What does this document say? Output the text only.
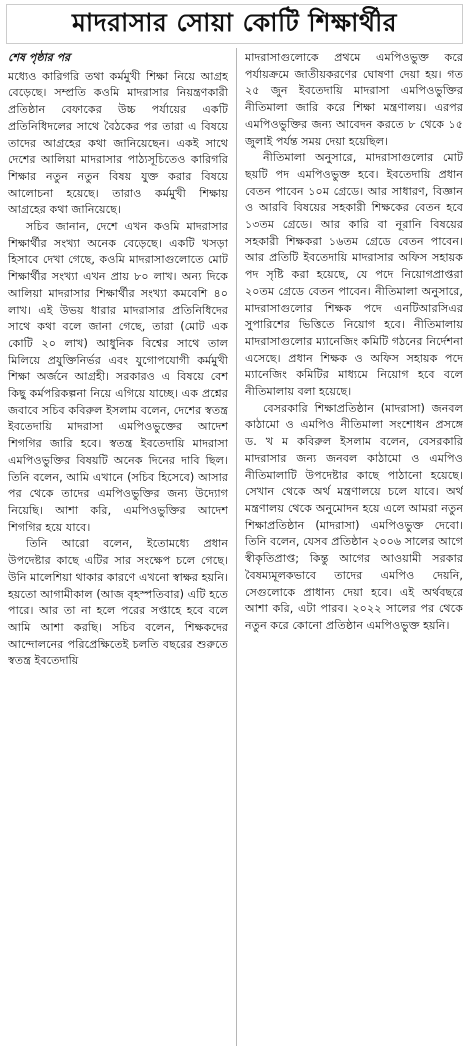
মাদরাসার সোয়া কোটি শিক্ষার্থীর
শেষ পৃষ্ঠার পর

মধ্যেও কারিগরি তথা কর্মমুখী শিক্ষা নিয়ে আগ্রহ বেড়েছে। সম্প্রতি কওমি মাদরাসার নিয়ন্ত্রণকারী প্রতিষ্ঠান বেফাকের উচ্চ পর্যায়ের একটি প্রতিনিধিদলের সাথে বৈঠকের পর তারা এ বিষয়ে তাদের আগ্রহের কথা জানিয়েছেন। একই সাথে দেশের আলিয়া মাদরাসার পাঠ্যসূচিতেও কারিগরি শিক্ষার নতুন নতুন বিষয় যুক্ত করার বিষয়ে আলোচনা হয়েছে। তারাও কর্মমুখী শিক্ষায় আগ্রহের কথা জানিয়েছে।

সচিব জানান, দেশে এখন কওমি মাদরাসার শিক্ষার্থীর সংখ্যা অনেক বেড়েছে। একটি খসড়া হিসাবে দেখা গেছে, কওমি মাদরাসাগুলোতে মোট শিক্ষার্থীর সংখ্যা এখন প্রায় ৮০ লাখ। অন্য দিকে আলিয়া মাদরাসার শিক্ষার্থীর সংখ্যা কমবেশি ৪০ লাখ। এই উভয় ধারার মাদরাসার প্রতিনিধিদের সাথে কথা বলে জানা গেছে, তারা (মোট এক কোটি ২০ লাখ) আধুনিক বিশ্বের সাথে তাল মিলিয়ে প্রযুক্তিনির্ভর এবং যুগোপযোগী কর্মমুখী শিক্ষা অর্জনে আগ্রহী। সরকারও এ বিষয়ে বেশ কিছু কর্মপরিকল্পনা নিয়ে এগিয়ে যাচ্ছে। এক প্রশ্নের জবাবে সচিব কবিরুল ইসলাম বলেন, দেশের স্বতন্ত্র ইবতেদায়ি মাদরাসা এমপিওভুক্তের আদেশ শিগগির জারি হবে। স্বতন্ত্র ইবতেদায়ি মাদরাসা এমপিওভুক্তির বিষয়টি অনেক দিনের দাবি ছিল। তিনি বলেন, আমি এখানে (সচিব হিসেবে) আসার পর থেকে তাদের এমপিওভুক্তির জন্য উদ্যোগ নিয়েছি। আশা করি, এমপিওভুক্তির আদেশ শিগগির হয়ে যাবে।

তিনি আরো বলেন, ইতোমধ্যে প্রধান উপদেষ্টার কাছে এটির সার সংক্ষেপ চলে গেছে। উনি মালেশিয়া থাকার কারণে এখনো স্বাক্ষর হয়নি। হয়তো আগামীকাল (আজ বৃহস্পতিবার) এটি হতে পারে। আর তা না হলে পরের সপ্তাহে হবে বলে আমি আশা করছি। সচিব বলেন, শিক্ষকদের আন্দোলনের পরিপ্রেক্ষিতেই চলতি বছরের শুরুতে স্বতন্ত্র ইবতেদায়ি

মাদরাসাগুলোকে প্রথমে এমপিওভুক্ত করে পর্যায়ক্রমে জাতীয়করণের ঘোষণা দেয়া হয়। গত ২৫ জুন ইবতেদায়ি মাদরাসা এমপিওভুক্তির নীতিমালা জারি করে শিক্ষা মন্ত্রণালয়। এরপর এমপিওভুক্তির জন্য আবেদন করতে ৮ থেকে ১৫ জুলাই পর্যন্ত সময় দেয়া হয়েছিল।

নীতিমালা অনুসারে, মাদরাসাগুলোর মোট ছয়টি পদ এমপিওভুক্ত হবে। ইবতেদায়ি প্রধান বেতন পাবেন ১০ম গ্রেডে। আর সাধারণ, বিজ্ঞান ও আরবি বিষয়ের সহকারী শিক্ষকের বেতন হবে ১৩তম গ্রেডে। আর কারি বা নূরানি বিষয়ের সহকারী শিক্ষকরা ১৬তম গ্রেডে বেতন পাবেন। আর প্রতিটি ইবতেদায়ি মাদরাসার অফিস সহায়ক পদ সৃষ্টি করা হয়েছে, যে পদে নিয়োগপ্রাপ্তরা ২০তম গ্রেডে বেতন পাবেন। নীতিমালা অনুসারে, মাদরাসাগুলোর শিক্ষক পদে এনটিআরসিএর সুপারিশের ভিত্তিতে নিয়োগ হবে। নীতিমালায় মাদরাসাগুলোর ম্যানেজিং কমিটি গঠনের নির্দেশনা এসেছে। প্রধান শিক্ষক ও অফিস সহায়ক পদে ম্যানেজিং কমিটির মাধ্যমে নিয়োগ হবে বলে নীতিমালায় বলা হয়েছে।

বেসরকারি শিক্ষাপ্রতিষ্ঠান (মাদরাসা) জনবল কাঠামো ও এমপিও নীতিমালা সংশোধন প্রসঙ্গে ড. খ ম কবিরুল ইসলাম বলেন, বেসরকারি মাদরাসার জন্য জনবল কাঠামো ও এমপিও নীতিমালাটি উপদেষ্টার কাছে পাঠানো হয়েছে। সেখান থেকে অর্থ মন্ত্রণালয়ে চলে যাবে। অর্থ মন্ত্রণালয় থেকে অনুমোদন হয়ে এলে আমরা নতুন শিক্ষাপ্রতিষ্ঠান (মাদরাসা) এমপিওভুক্ত দেবো। তিনি বলেন, যেসব প্রতিষ্ঠান ২০০৬ সালের আগে স্বীকৃতিপ্রাপ্ত; কিন্তু আগের আওয়ামী সরকার বৈষম্যমূলকভাবে তাদের এমপিও দেয়নি, সেগুলোকে প্রাধান্য দেয়া হবে। এই অর্থবছরে আশা করি, এটা পারব। ২০২২ সালের পর থেকে নতুন করে কোনো প্রতিষ্ঠান এমপিওভুক্ত হয়নি।
